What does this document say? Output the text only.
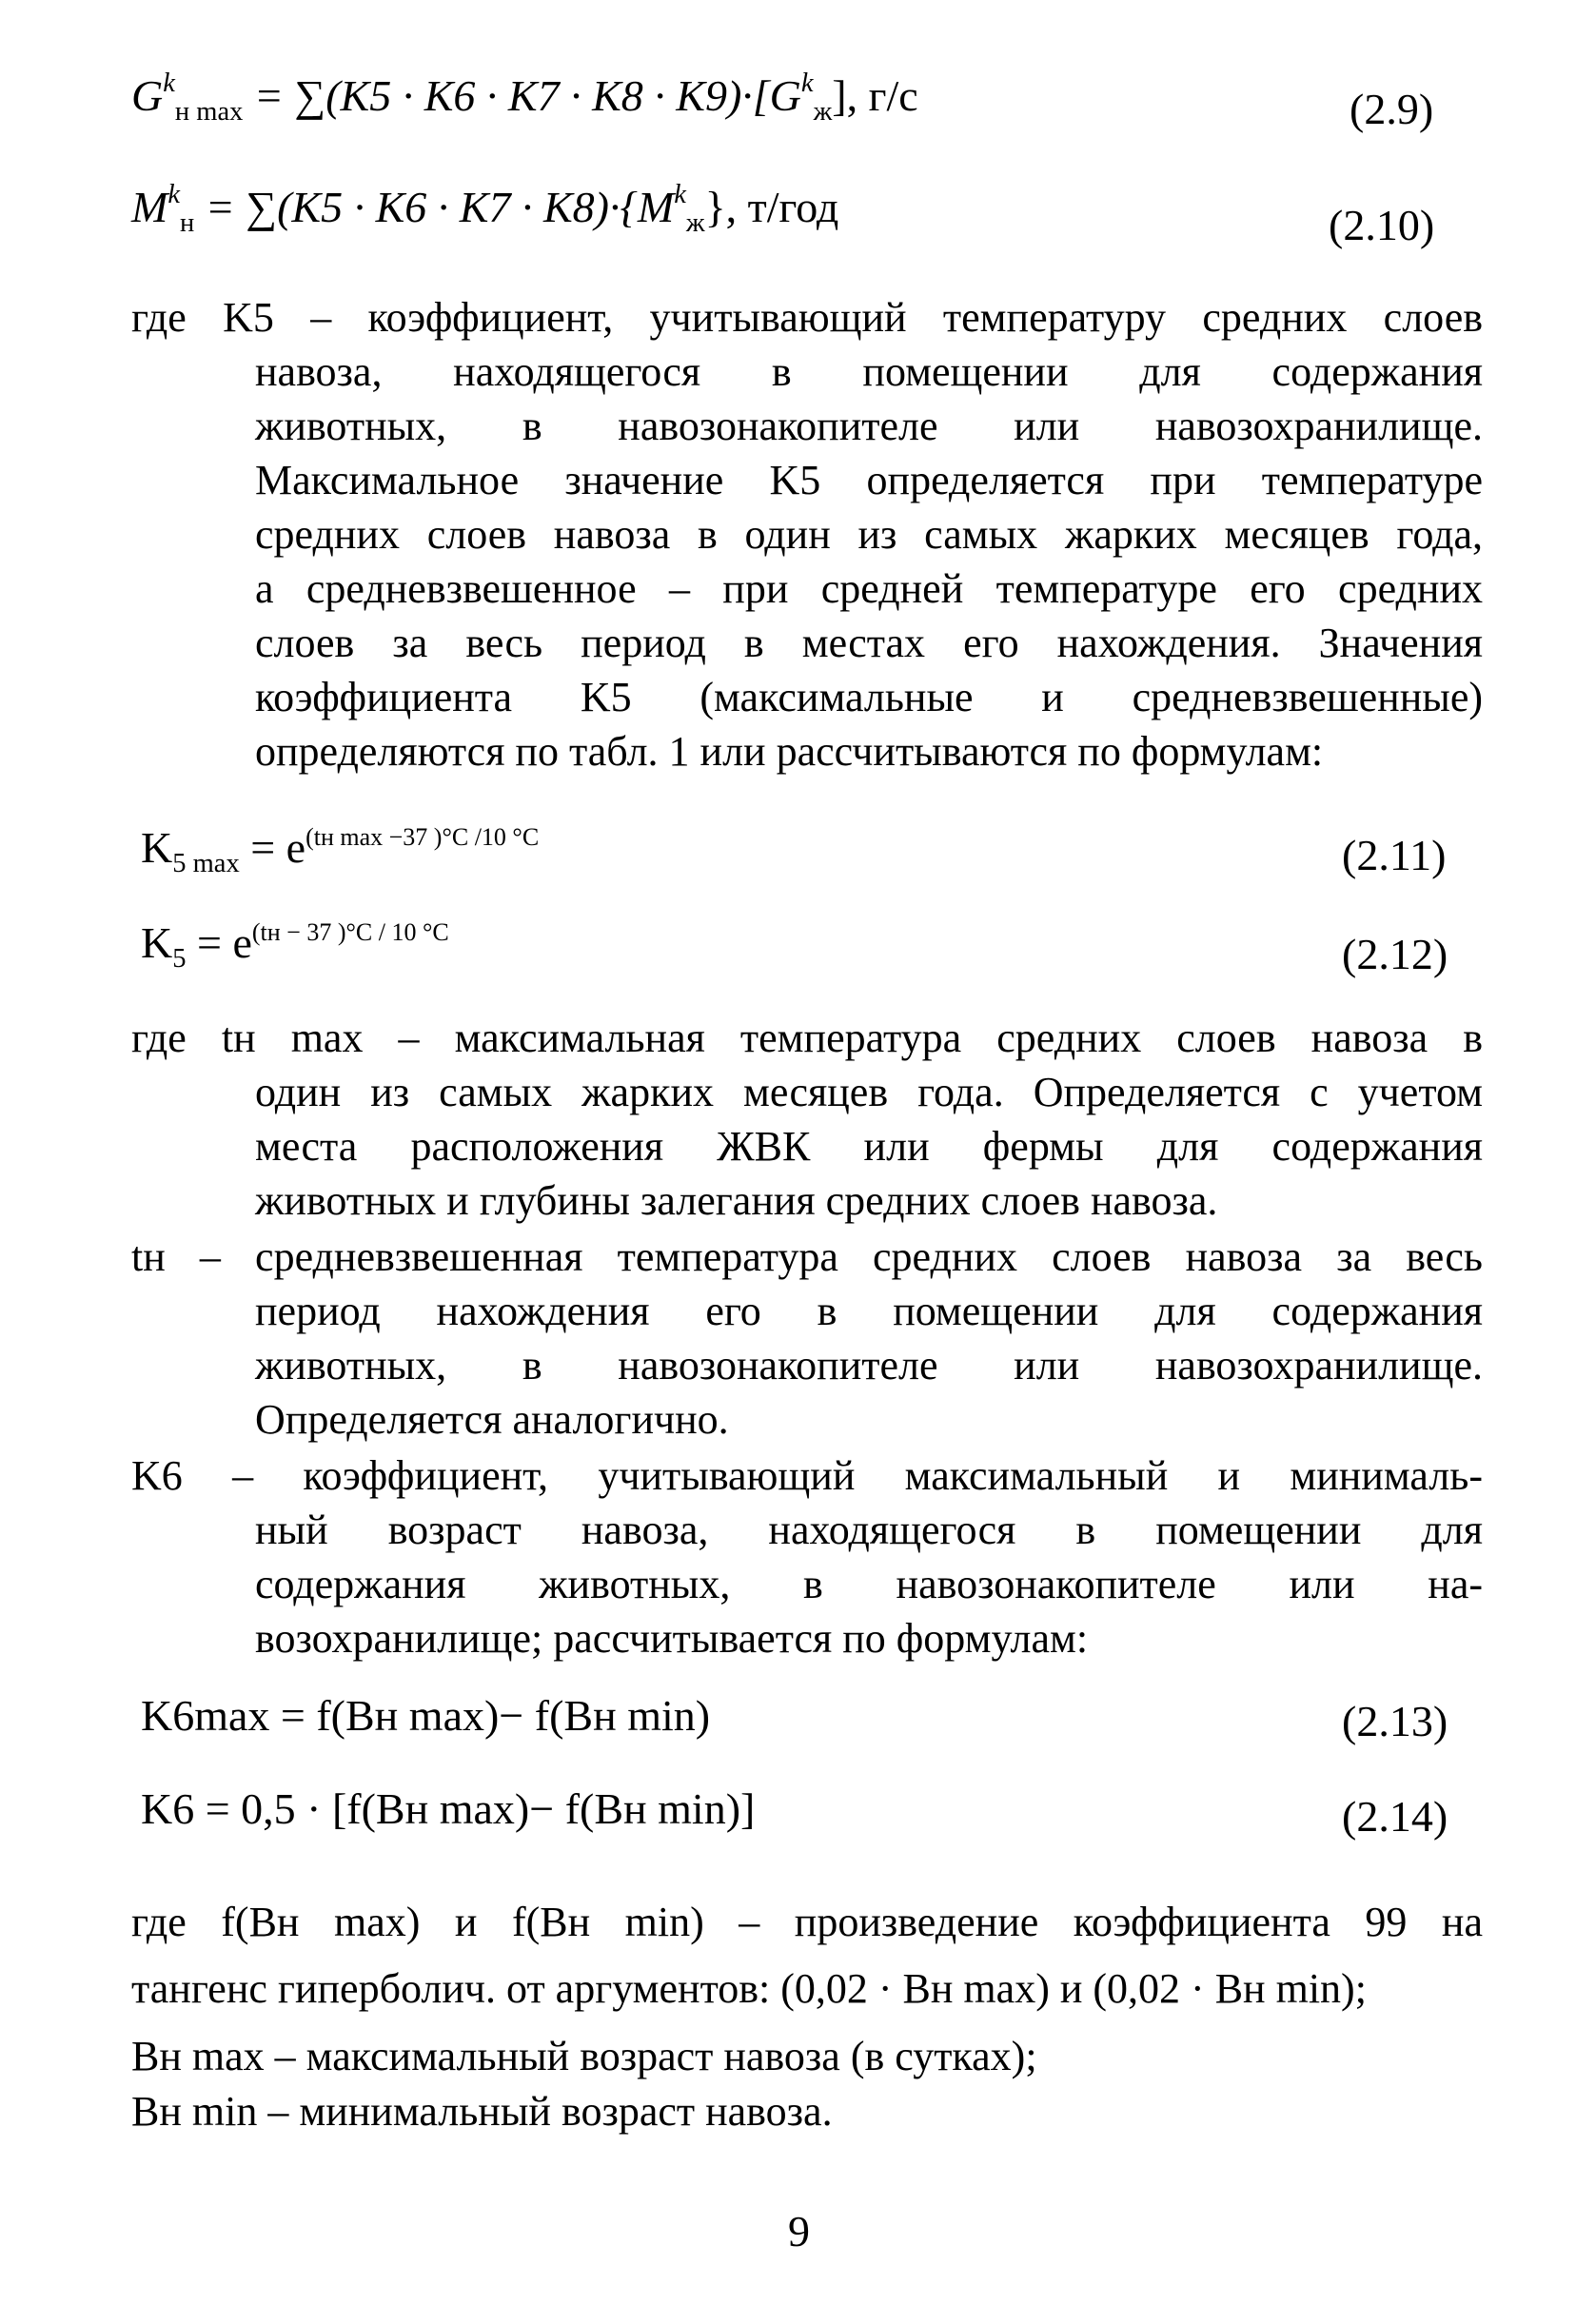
$G^k_{н max} = \sum(K5 \cdot K6 \cdot K7 \cdot K8 \cdot K9)\cdot[G^k_ж]$, г/с	(2.9)
$M^k_н = \sum(K5 \cdot K6 \cdot K7 \cdot K8)\cdot\{M^k_ж\}$, т/год	(2.10)
где K5 – коэффициент, учитывающий температуру средних слоев
навоза, находящегося в помещении для содержания
животных, в навозонакопителе или навозохранилище.
Максимальное значение K5 определяется при температуре
средних слоев навоза в один из самых жарких месяцев года,
а средневзвешенное – при средней температуре его средних
слоев за весь период в местах его нахождения. Значения
коэффициента K5 (максимальные и средневзвешенные)
определяются по табл. 1 или рассчитываются по формулам:
$K_{5 max} = e^{(tн max -37 )^\circ C /10 ^\circ C}$	(2.11)
$K_5 = e^{(tн - 37 )^\circ C / 10 ^\circ C}$	(2.12)
где tн max – максимальная температура средних слоев навоза в
один из самых жарких месяцев года. Определяется с учетом
места расположения ЖВК или фермы для содержания
животных и глубины залегания средних слоев навоза.
tн – средневзвешенная температура средних слоев навоза за весь
период нахождения его в помещении для содержания
животных, в навозонакопителе или навозохранилище.
Определяется аналогично.
K6 – коэффициент, учитывающий максимальный и минималь-
ный возраст навоза, находящегося в помещении для
содержания животных, в навозонакопителе или на-
возохранилище; рассчитывается по формулам:
K6max = f(Bн max)− f(Bн min)	(2.13)
K6 = 0,5 · [f(Bн max)− f(Bн min)]	(2.14)
где f(Bн max) и f(Bн min) – произведение коэффициента 99 на
тангенс гиперболич. от аргументов: (0,02 · Bн max) и (0,02 · Bн min);
Bн max – максимальный возраст навоза (в сутках);
Bн min – минимальный возраст навоза.
9
